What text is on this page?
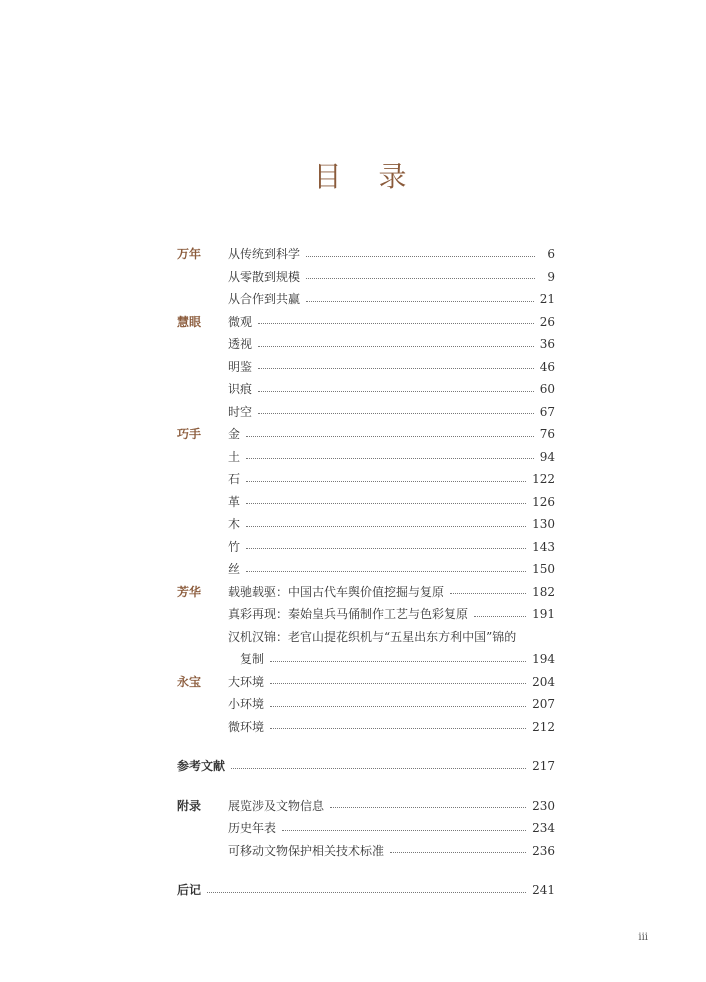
目 录
万年	从传统到科学	6
从零散到规模	9
从合作到共赢	21
慧眼	微观	26
透视	36
明鉴	46
识痕	60
时空	67
巧手	金	76
土	94
石	122
革	126
木	130
竹	143
丝	150
芳华	载驰载驱：中国古代车舆价值挖掘与复原	182
真彩再现：秦始皇兵马俑制作工艺与色彩复原	191
汉机汉锦：老官山提花织机与“五星出东方利中国”锦的
复制	194
永宝	大环境	204
小环境	207
微环境	212
参考文献	217
附录	展览涉及文物信息	230
历史年表	234
可移动文物保护相关技术标准	236
后记	241
iii
